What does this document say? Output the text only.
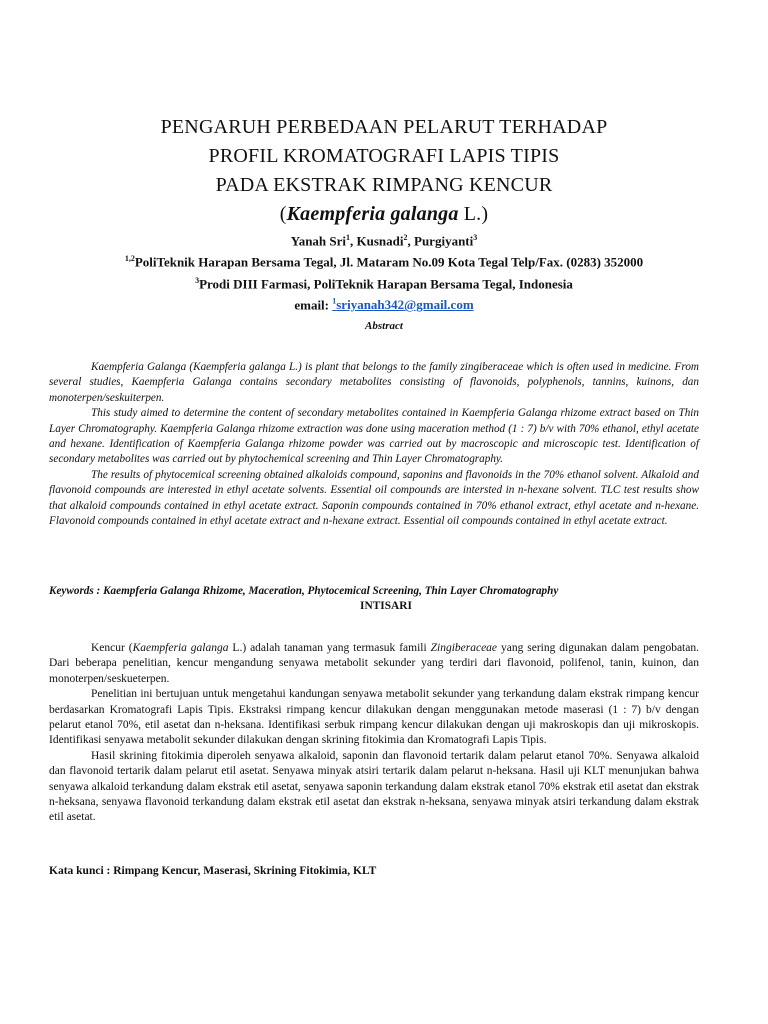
PENGARUH PERBEDAAN PELARUT TERHADAP
PROFIL KROMATOGRAFI LAPIS TIPIS
PADA EKSTRAK RIMPANG KENCUR
(Kaempferia galanga L.)
Yanah Sri$^1$, Kusnadi$^2$, Purgiyanti$^3$
$^{1,2}$PoliTeknik Harapan Bersama Tegal, Jl. Mataram No.09 Kota Tegal Telp/Fax. (0283) 352000
$^3$Prodi DIII Farmasi, PoliTeknik Harapan Bersama Tegal, Indonesia
email: $^1$sriyanah342@gmail.com
Abstract

Kaempferia Galanga (Kaempferia galanga L.) is plant that belongs to the family zingiberaceae which is often used in medicine. From several studies, Kaempferia Galanga contains secondary metabolites consisting of flavonoids, polyphenols, tannins, kuinons, dan monoterpen/seskuiterpen.

This study aimed to determine the content of secondary metabolites contained in Kaempferia Galanga rhizome extract based on Thin Layer Chromatography. Kaempferia Galanga rhizome extraction was done using maceration method (1 : 7) b/v with 70% ethanol, ethyl acetate and hexane. Identification of Kaempferia Galanga rhizome powder was carried out by macroscopic and microscopic test. Identification of secondary metabolites was carried out by phytochemical screening and Thin Layer Chromatography.

The results of phytocemical screening obtained alkaloids compound, saponins and flavonoids in the 70% ethanol solvent. Alkaloid and flavonoid compounds are interested in ethyl acetate solvents. Essential oil compounds are intersted in n-hexane solvent. TLC test results show that alkaloid compounds contained in ethyl acetate extract. Saponin compounds contained in 70% ethanol extract, ethyl acetate and n-hexane. Flavonoid compounds contained in ethyl acetate extract and n-hexane extract. Essential oil compounds contained in ethyl acetate extract.

Keywords : Kaempferia Galanga Rhizome, Maceration, Phytocemical Screening, Thin Layer Chromatography
INTISARI

Kencur (Kaempferia galanga L.) adalah tanaman yang termasuk famili Zingiberaceae yang sering digunakan dalam pengobatan. Dari beberapa penelitian, kencur mengandung senyawa metabolit sekunder yang terdiri dari flavonoid, polifenol, tanin, kuinon, dan monoterpen/seskueterpen.

Penelitian ini bertujuan untuk mengetahui kandungan senyawa metabolit sekunder yang terkandung dalam ekstrak rimpang kencur berdasarkan Kromatografi Lapis Tipis. Ekstraksi rimpang kencur dilakukan dengan menggunakan metode maserasi (1 : 7) b/v dengan pelarut etanol 70%, etil asetat dan n-heksana. Identifikasi serbuk rimpang kencur dilakukan dengan uji makroskopis dan uji mikroskopis. Identifikasi senyawa metabolit sekunder dilakukan dengan skrining fitokimia dan Kromatografi Lapis Tipis.

Hasil skrining fitokimia diperoleh senyawa alkaloid, saponin dan flavonoid tertarik dalam pelarut etanol 70%. Senyawa alkaloid dan flavonoid tertarik dalam pelarut etil asetat. Senyawa minyak atsiri tertarik dalam pelarut n-heksana. Hasil uji KLT menunjukan bahwa senyawa alkaloid terkandung dalam ekstrak etil asetat, senyawa saponin terkandung dalam ekstrak etanol 70% ekstrak etil asetat dan ekstrak n-heksana, senyawa flavonoid terkandung dalam ekstrak etil asetat dan ekstrak n-heksana, senyawa minyak atsiri terkandung dalam ekstrak etil asetat.

Kata kunci : Rimpang Kencur, Maserasi, Skrining Fitokimia, KLT
